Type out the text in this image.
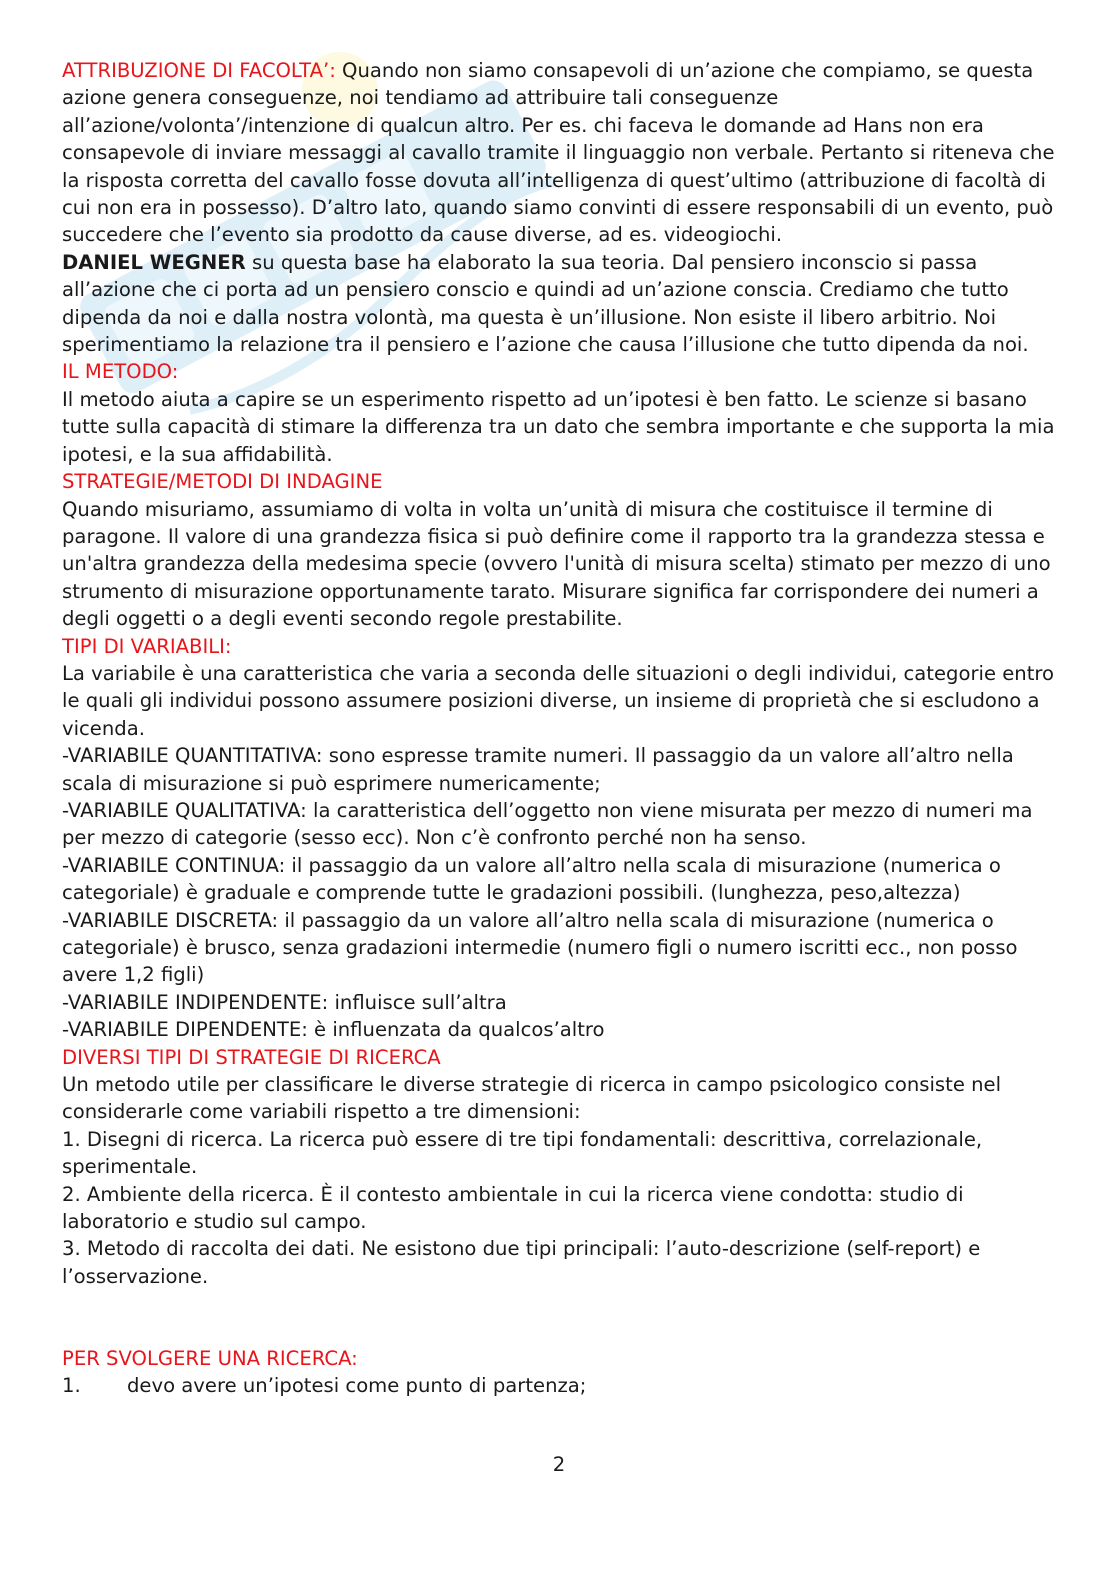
ATTRIBUZIONE DI FACOLTA’: Quando non siamo consapevoli di un’azione che compiamo, se questa azione genera conseguenze, noi tendiamo ad attribuire tali conseguenze all’azione/volonta’/intenzione di qualcun altro. Per es. chi faceva le domande ad Hans non era consapevole di inviare messaggi al cavallo tramite il linguaggio non verbale. Pertanto si riteneva che la risposta corretta del cavallo fosse dovuta all’intelligenza di quest’ultimo (attribuzione di facoltà di cui non era in possesso). D’altro lato, quando siamo convinti di essere responsabili di un evento, può succedere che l’evento sia prodotto da cause diverse, ad es. videogiochi.

DANIEL WEGNER su questa base ha elaborato la sua teoria. Dal pensiero inconscio si passa all’azione che ci porta ad un pensiero conscio e quindi ad un’azione conscia. Crediamo che tutto dipenda da noi e dalla nostra volontà, ma questa è un’illusione. Non esiste il libero arbitrio. Noi sperimentiamo la relazione tra il pensiero e l’azione che causa l’illusione che tutto dipenda da noi.

IL METODO:

Il metodo aiuta a capire se un esperimento rispetto ad un’ipotesi è ben fatto. Le scienze si basano tutte sulla capacità di stimare la differenza tra un dato che sembra importante e che supporta la mia ipotesi, e la sua affidabilità.

STRATEGIE/METODI DI INDAGINE

Quando misuriamo, assumiamo di volta in volta un’unità di misura che costituisce il termine di paragone. Il valore di una grandezza fisica si può definire come il rapporto tra la grandezza stessa e un'altra grandezza della medesima specie (ovvero l'unità di misura scelta) stimato per mezzo di uno strumento di misurazione opportunamente tarato. Misurare significa far corrispondere dei numeri a degli oggetti o a degli eventi secondo regole prestabilite.

TIPI DI VARIABILI:

La variabile è una caratteristica che varia a seconda delle situazioni o degli individui, categorie entro le quali gli individui possono assumere posizioni diverse, un insieme di proprietà che si escludono a vicenda.

-VARIABILE QUANTITATIVA: sono espresse tramite numeri. Il passaggio da un valore all’altro nella scala di misurazione si può esprimere numericamente;

-VARIABILE QUALITATIVA: la caratteristica dell’oggetto non viene misurata per mezzo di numeri ma per mezzo di categorie (sesso ecc). Non c’è confronto perché non ha senso.

-VARIABILE CONTINUA: il passaggio da un valore all’altro nella scala di misurazione (numerica o categoriale) è graduale e comprende tutte le gradazioni possibili. (lunghezza, peso,altezza)

-VARIABILE DISCRETA: il passaggio da un valore all’altro nella scala di misurazione (numerica o categoriale) è brusco, senza gradazioni intermedie (numero figli o numero iscritti ecc., non posso avere 1,2 figli)

-VARIABILE INDIPENDENTE: influisce sull’altra

-VARIABILE DIPENDENTE: è influenzata da qualcos’altro

DIVERSI TIPI DI STRATEGIE DI RICERCA

Un metodo utile per classificare le diverse strategie di ricerca in campo psicologico consiste nel considerarle come variabili rispetto a tre dimensioni:

1. Disegni di ricerca. La ricerca può essere di tre tipi fondamentali: descrittiva, correlazionale, sperimentale.

2. Ambiente della ricerca. È il contesto ambientale in cui la ricerca viene condotta: studio di laboratorio e studio sul campo.

3. Metodo di raccolta dei dati. Ne esistono due tipi principali: l’auto-descrizione (self-report) e l’osservazione.

PER SVOLGERE UNA RICERCA:

1.	devo avere un’ipotesi come punto di partenza;
2
